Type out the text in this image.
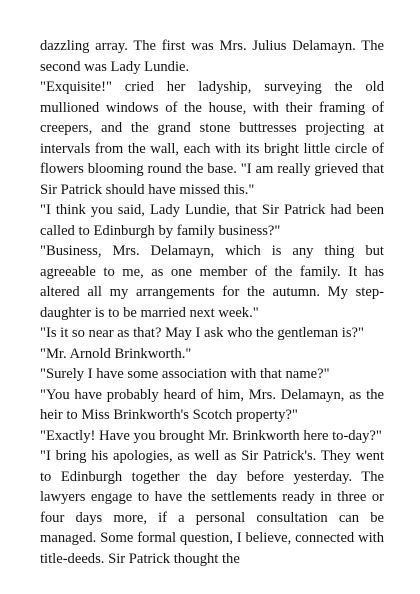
dazzling array. The first was Mrs. Julius Delamayn. The second was Lady Lundie.

"Exquisite!" cried her ladyship, surveying the old mullioned windows of the house, with their framing of creepers, and the grand stone buttresses projecting at intervals from the wall, each with its bright little circle of flowers blooming round the base. "I am really grieved that Sir Patrick should have missed this."

"I think you said, Lady Lundie, that Sir Patrick had been called to Edinburgh by family business?"

"Business, Mrs. Delamayn, which is any thing but agreeable to me, as one member of the family. It has altered all my arrangements for the autumn. My step-daughter is to be married next week."

"Is it so near as that? May I ask who the gentleman is?"

"Mr. Arnold Brinkworth."

"Surely I have some association with that name?"

"You have probably heard of him, Mrs. Delamayn, as the heir to Miss Brinkworth's Scotch property?"

"Exactly! Have you brought Mr. Brinkworth here to-day?"

"I bring his apologies, as well as Sir Patrick's. They went to Edinburgh together the day before yesterday. The lawyers engage to have the settlements ready in three or four days more, if a personal consultation can be managed. Some formal question, I believe, connected with title-deeds. Sir Patrick thought the
